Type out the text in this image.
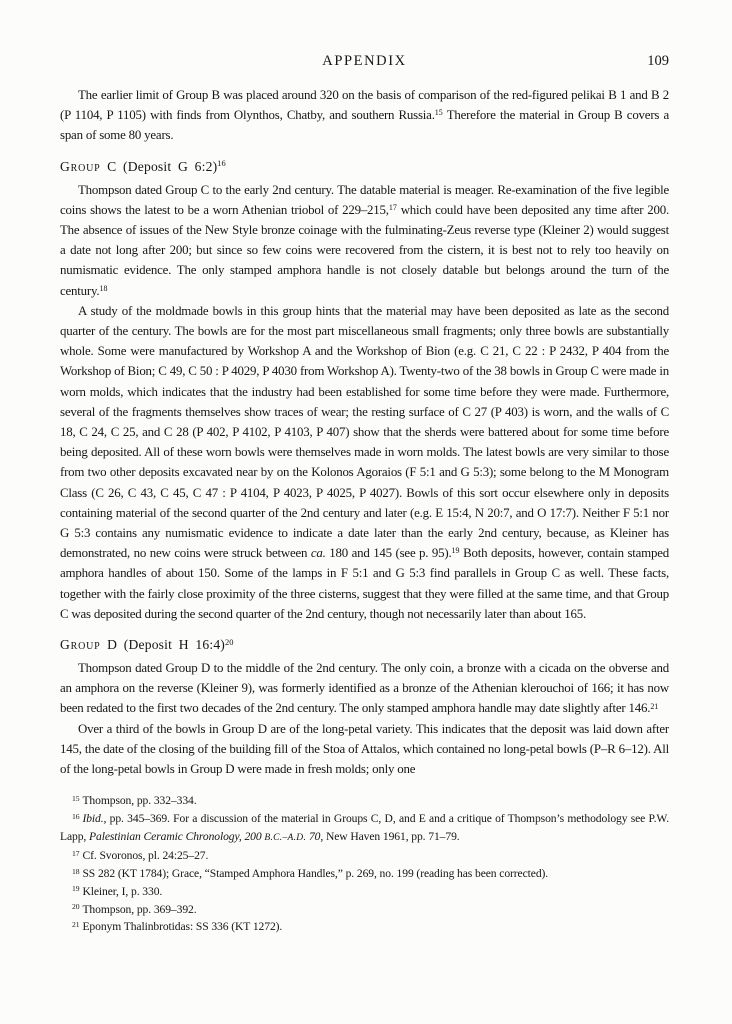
APPENDIX	109

The earlier limit of Group B was placed around 320 on the basis of comparison of the red-figured pelikai B 1 and B 2 (P 1104, P 1105) with finds from Olynthos, Chatby, and southern Russia.$^{15}$ Therefore the material in Group B covers a span of some 80 years.

Group C (Deposit G 6:2)$^{16}$

Thompson dated Group C to the early 2nd century. The datable material is meager. Re-examination of the five legible coins shows the latest to be a worn Athenian triobol of 229–215,17 which could have been deposited any time after 200. The absence of issues of the New Style bronze coinage with the fulminating-Zeus reverse type (Kleiner 2) would suggest a date not long after 200; but since so few coins were recovered from the cistern, it is best not to rely too heavily on numismatic evidence. The only stamped amphora handle is not closely datable but belongs around the turn of the century.$^{18}$

A study of the moldmade bowls in this group hints that the material may have been deposited as late as the second quarter of the century. The bowls are for the most part miscellaneous small fragments; only three bowls are substantially whole. Some were manufactured by Workshop A and the Workshop of Bion (e.g. C 21, C 22 : P 2432, P 404 from the Workshop of Bion; C 49, C 50 : P 4029, P 4030 from Workshop A). Twenty-two of the 38 bowls in Group C were made in worn molds, which indicates that the industry had been established for some time before they were made. Furthermore, several of the fragments themselves show traces of wear; the resting surface of C 27 (P 403) is worn, and the walls of C 18, C 24, C 25, and C 28 (P 402, P 4102, P 4103, P 407) show that the sherds were battered about for some time before being deposited. All of these worn bowls were themselves made in worn molds. The latest bowls are very similar to those from two other deposits excavated near by on the Kolonos Agoraios (F 5:1 and G 5:3); some belong to the M Monogram Class (C 26, C 43, C 45, C 47 : P 4104, P 4023, P 4025, P 4027). Bowls of this sort occur elsewhere only in deposits containing material of the second quarter of the 2nd century and later (e.g. E 15:4, N 20:7, and O 17:7). Neither F 5:1 nor G 5:3 contains any numismatic evidence to indicate a date later than the early 2nd century, because, as Kleiner has demonstrated, no new coins were struck between ca. 180 and 145 (see p. 95).$^{19}$ Both deposits, however, contain stamped amphora handles of about 150. Some of the lamps in F 5:1 and G 5:3 find parallels in Group C as well. These facts, together with the fairly close proximity of the three cisterns, suggest that they were filled at the same time, and that Group C was deposited during the second quarter of the 2nd century, though not necessarily later than about 165.

Group D (Deposit H 16:4)$^{20}$

Thompson dated Group D to the middle of the 2nd century. The only coin, a bronze with a cicada on the obverse and an amphora on the reverse (Kleiner 9), was formerly identified as a bronze of the Athenian klerouchoi of 166; it has now been redated to the first two decades of the 2nd century. The only stamped amphora handle may date slightly after 146.21

Over a third of the bowls in Group D are of the long-petal variety. This indicates that the deposit was laid down after 145, the date of the closing of the building fill of the Stoa of Attalos, which contained no long-petal bowls (P–R 6–12). All of the long-petal bowls in Group D were made in fresh molds; only one

$^{15}$ Thompson, pp. 332–334.

$^{16}$ Ibid., pp. 345–369. For a discussion of the material in Groups C, D, and E and a critique of Thompson’s methodology see P.W. Lapp, Palestinian Ceramic Chronology, 200 B.C.–A.D. 70, New Haven 1961, pp. 71–79.

$^{17}$ Cf. Svoronos, pl. 24:25–27.

$^{18}$ SS 282 (KT 1784); Grace, “Stamped Amphora Handles,” p. 269, no. 199 (reading has been corrected).

$^{19}$ Kleiner, I, p. 330.

$^{20}$ Thompson, pp. 369–392.

$^{21}$ Eponym Thalinbrotidas: SS 336 (KT 1272).
